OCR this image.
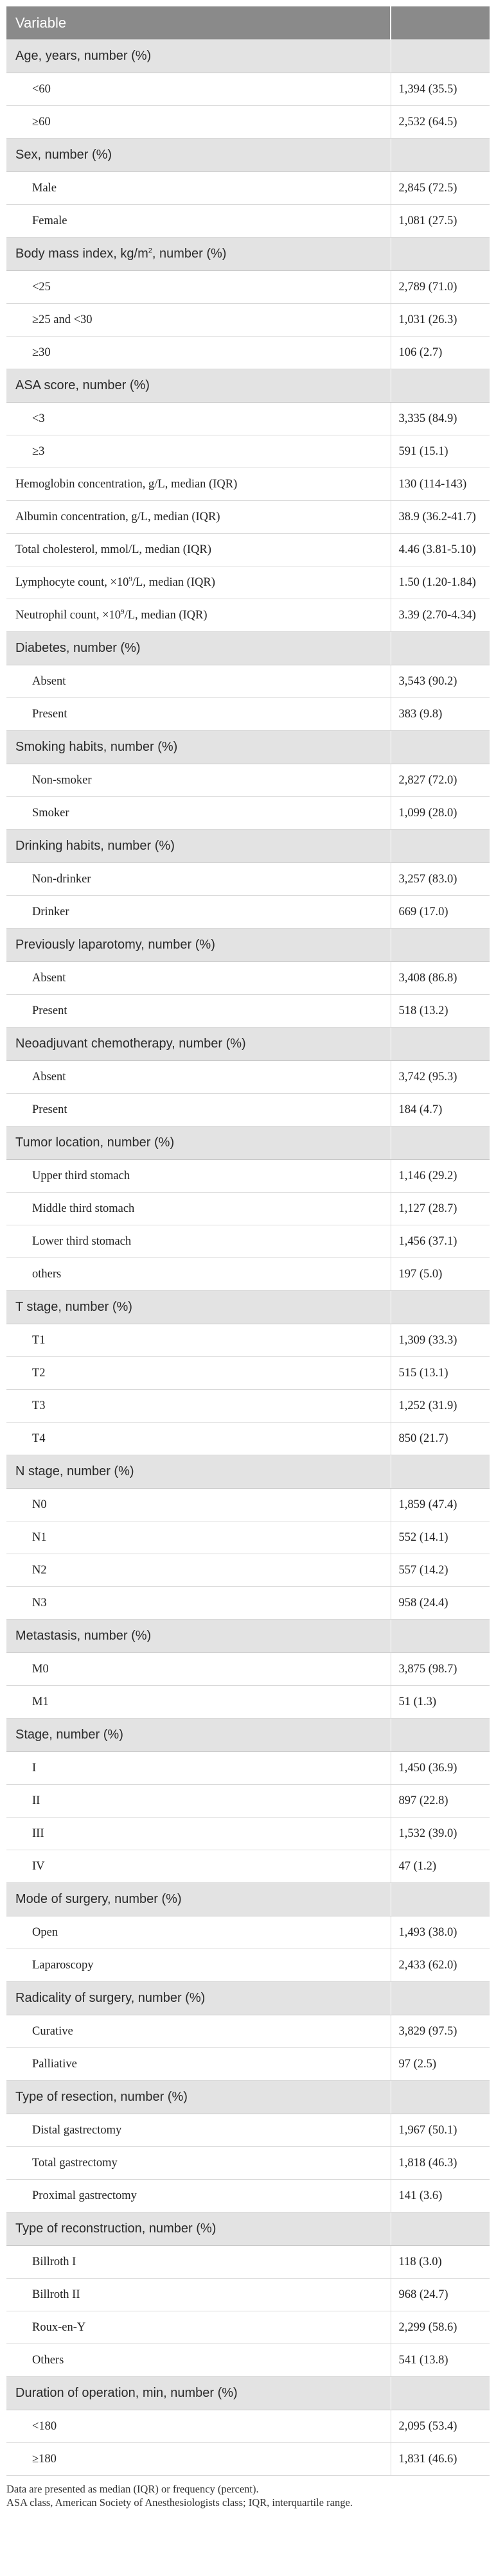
Variable	
Age, years, number (%)	
<60	1,394 (35.5)
≥60	2,532 (64.5)
Sex, number (%)	
Male	2,845 (72.5)
Female	1,081 (27.5)
Body mass index, $kg/m^2$, number (%)	
<25	2,789 (71.0)
≥25 and <30	1,031 (26.3)
≥30	106 (2.7)
ASA score, number (%)	
<3	3,335 (84.9)
≥3	591 (15.1)
Hemoglobin concentration, g/L, median (IQR)	130 (114-143)
Albumin concentration, g/L, median (IQR)	38.9 (36.2-41.7)
Total cholesterol, mmol/L, median (IQR)	4.46 (3.81-5.10)
Lymphocyte count, $\times 10^9/L$, median (IQR)	1.50 (1.20-1.84)
Neutrophil count, $\times 10^9/L$, median (IQR)	3.39 (2.70-4.34)
Diabetes, number (%)	
Absent	3,543 (90.2)
Present	383 (9.8)
Smoking habits, number (%)	
Non-smoker	2,827 (72.0)
Smoker	1,099 (28.0)
Drinking habits, number (%)	
Non-drinker	3,257 (83.0)
Drinker	669 (17.0)
Previously laparotomy, number (%)	
Absent	3,408 (86.8)
Present	518 (13.2)
Neoadjuvant chemotherapy, number (%)	
Absent	3,742 (95.3)
Present	184 (4.7)
Tumor location, number (%)	
Upper third stomach	1,146 (29.2)
Middle third stomach	1,127 (28.7)
Lower third stomach	1,456 (37.1)
others	197 (5.0)
T stage, number (%)	
T1	1,309 (33.3)
T2	515 (13.1)
T3	1,252 (31.9)
T4	850 (21.7)
N stage, number (%)	
N0	1,859 (47.4)
N1	552 (14.1)
N2	557 (14.2)
N3	958 (24.4)
Metastasis, number (%)	
M0	3,875 (98.7)
M1	51 (1.3)
Stage, number (%)	
I	1,450 (36.9)
II	897 (22.8)
III	1,532 (39.0)
IV	47 (1.2)
Mode of surgery, number (%)	
Open	1,493 (38.0)
Laparoscopy	2,433 (62.0)
Radicality of surgery, number (%)	
Curative	3,829 (97.5)
Palliative	97 (2.5)
Type of resection, number (%)	
Distal gastrectomy	1,967 (50.1)
Total gastrectomy	1,818 (46.3)
Proximal gastrectomy	141 (3.6)
Type of reconstruction, number (%)	
Billroth I	118 (3.0)
Billroth II	968 (24.7)
Roux-en-Y	2,299 (58.6)
Others	541 (13.8)
Duration of operation, min, number (%)	
<180	2,095 (53.4)
≥180	1,831 (46.6)
Data are presented as median (IQR) or frequency (percent).
ASA class, American Society of Anesthesiologists class; IQR, interquartile range.
